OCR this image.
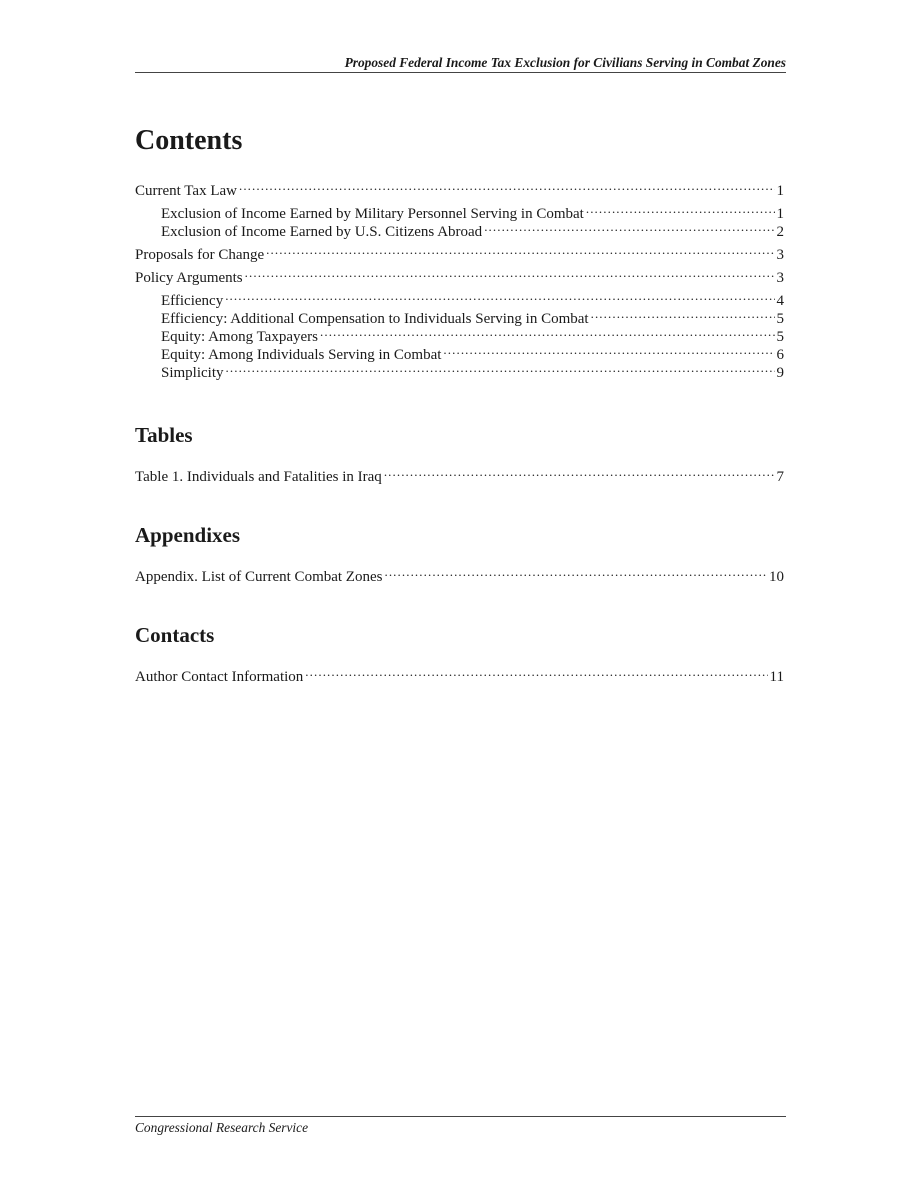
Proposed Federal Income Tax Exclusion for Civilians Serving in Combat Zones
Contents
Current Tax Law .....	1
Exclusion of Income Earned by Military Personnel Serving in Combat .....	1
Exclusion of Income Earned by U.S. Citizens Abroad .....	2
Proposals for Change .....	3
Policy Arguments .....	3
Efficiency .....	4
Efficiency: Additional Compensation to Individuals Serving in Combat .....	5
Equity: Among Taxpayers .....	5
Equity: Among Individuals Serving in Combat .....	6
Simplicity .....	9
Tables
Table 1. Individuals and Fatalities in Iraq .....	7
Appendixes
Appendix. List of Current Combat Zones .....	10
Contacts
Author Contact Information .....	11
Congressional Research Service
